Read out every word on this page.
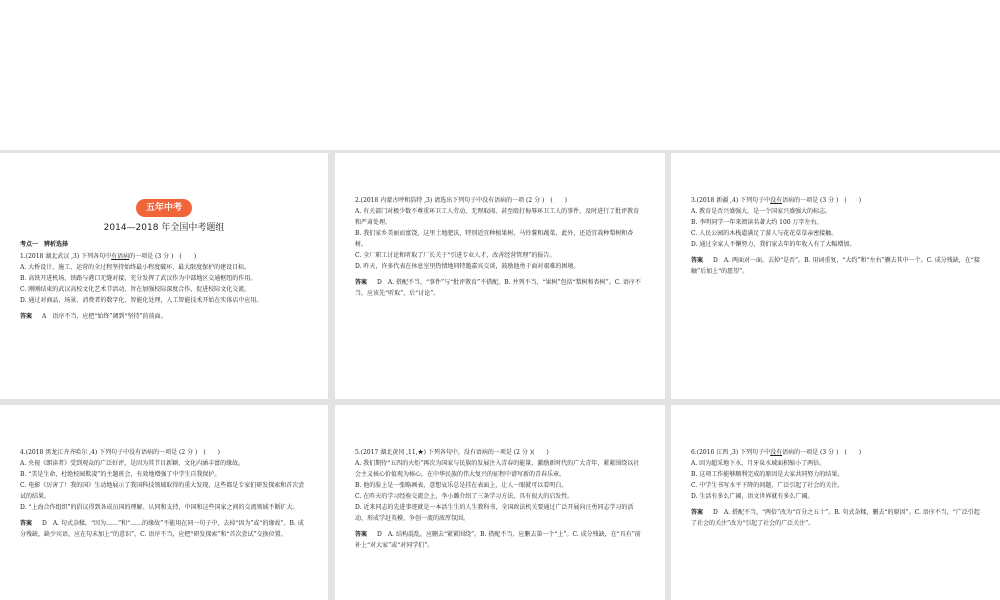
五年中考
2014—2018 年全国中考题组
考点一　辨析选择

1.(2018 湖北武汉 ,3) 下列各句中有语病的一项是 (3 分 )　(　　)

A. 大桥设计、施工、运营的全过程坚持始终最小程度破坏、最大限度保护的建设目标。

B. 高铁开进机场，铁路与港口无缝对接，充分发挥了武汉作为中部地区交通枢纽的作用。

C. 刚刚结束的武汉高校文化艺术节活动，旨在加强校际深度合作，促进校际文化交流。

D. 通过对商品、场景、消费者的数字化、智能化处理，人工智能技术开始在实体店中应用。

答案 A 语序不当，应把“始终”调到“坚持”的前面。

2.(2018 内蒙古呼和浩特 ,3) 请选出下列句子中没有语病的一项 (2 分 )　(　　)

A. 有关部门对极少数不尊重环卫工人劳动、无理取闹、甚至殴打侮辱环卫工人的事件，及时进行了批评教育和严肃处理。

B. 我们家乡美丽而富饶，这里土地肥沃，特别适宜种植果树，马铃薯和蔬菜，此外，还适宜栽种梨树和杏树。

C. 全厂职工讨论和听取了厂长关于“引进专业人才，改善经营管理”的报告。

D. 昨天，许多代表在休息室里热情地同特邀嘉宾交谈，鼓励他勇于面对艰难的困境。

答案 D A. 搭配不当，“事件”与“批评教育”不搭配。B. 并列不当，“果树”包括“梨树和杏树”。C. 语序不当，应该先“听取”，后“讨论”。

3.(2018 新疆 ,4) 下列句子中没有语病的一项是 (3 分 )　(　　)

A. 教育是否兴盛强大，是一个国家兴盛强大的标志。

B. 李明同学一年来阅读名著大约 100 万字左右。

C. 人民公园的木栈道满足了游人与花花草草亲密接触。

D. 通过全家人不懈努力，我们家去年的年收入有了大幅增加。

答案 D A. 两面对一面，去掉“是否”。B. 用词重复，“大约”和“左右”删去其中一个。C. 成分残缺，在“接触”后加上“的愿望”。

4.(2018 黑龙江齐齐哈尔 ,4) 下列句子中没有语病的一项是 (2 分 )　(　　)

A. 央视《朗读者》受到观众的广泛好评，是因为其节目新颖、文化内涵丰富的缘故。

B. “美是生命，杜绝校园欺凌”的主题班会，有效地增强了中学生自我保护。

C. 电影《厉害了！我的国》生动地展示了我国科技领域取得的重大发现，这些都是专家们研发探索和首次尝试的结果。

D. “上海合作组织”的倡议得到各成员国的理解、认同和支持，中国和这些国家之间的交流领域不断扩大。

答案 D A. 句式杂糅，“因为……”和“……的缘故”不能用在同一句子中，去掉“因为”或“的缘故”。B. 成分残缺，缺少宾语，应在句末加上“的意识”。C. 语序不当，应把“研发探索”和“首次尝试”交换位置。

5.(2017 湖北黄冈 ,11,★) 下列各句中，没有语病的一项是 (2 分 )(　　)

A. 我们期待“五四的火炬”再次为国家与民族的发展注入青春的能量，激励新时代的广大青年，紧紧围绕以社会主义核心价值观为核心，在中华民族的伟大复兴的征程中谱写新的青春乐章。

B. 他的脸上是一张略画表，意想哀乐总是挂在表面上，让人一眼就可以看明白。

C. 在昨天的学习经验交流会上，李小璐介绍了三条学习方法，具有很大的启发性。

D. 近来同志的先进事迹就是一本活生生的人生教科书，全国政法机关要通过广泛开展向汪勇同志学习的活动，形成学赶英模、争创一流的浓厚氛围。

答案 D A. 结构混乱，应删去“紧紧围绕”。B. 搭配不当，应删去第一个“上”。C. 成分残缺，在“具有”前补上“对大家”或“对同学们”。

6.(2016 江西 ,3) 下列句子中没有语病的一项是 (3 分 )　(　　)

A. 因为超采地下水，月牙泉水域面积缩小了两倍。

B. 这项工作能够顺利完成的原因是大家共同努力的结果。

C. 中学生书写水平下降的问题，广泛引起了社会的关注。

D. 生活有多么广阔，语文世界就有多么广阔。

答案 D A. 搭配不当，“两倍”改为“百分之五十”。B. 句式杂糅，删去“的原因”。C. 语序不当，“广泛引起了社会的关注”改为“引起了社会的广泛关注”。
